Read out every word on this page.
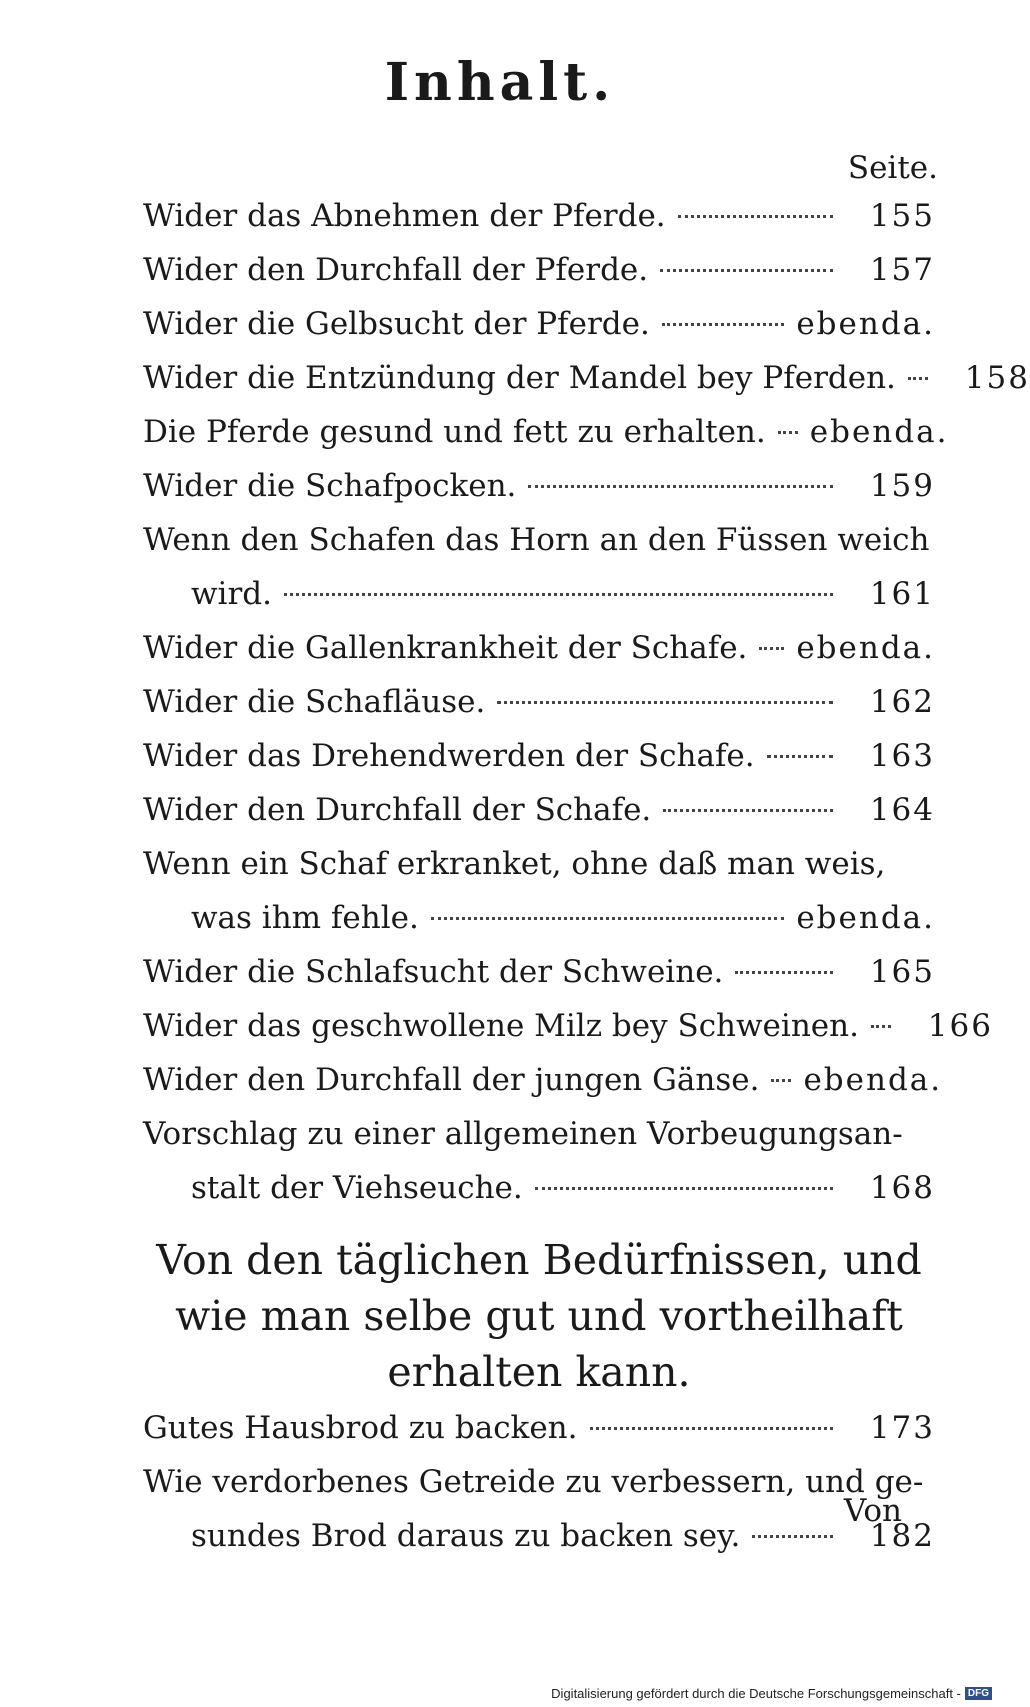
Inhalt.
Seite.
Wider das Abnehmen der Pferde.	155
Wider den Durchfall der Pferde.	157
Wider die Gelbsucht der Pferde.	ebenda.
Wider die Entzündung der Mandel bey Pferden.	158
Die Pferde gesund und fett zu erhalten. ebenda.
Wider die Schafpocken.	159
Wenn den Schafen das Horn an den Füssen weich
wird.	161
Wider die Gallenkrankheit der Schafe. ebenda.
Wider die Schafläuse.	162
Wider das Drehendwerden der Schafe.	163
Wider den Durchfall der Schafe.	164
Wenn ein Schaf erkranket, ohne daß man weis,
was ihm fehle.	ebenda.
Wider die Schlafsucht der Schweine.	165
Wider das geschwollene Milz bey Schweinen.	166
Wider den Durchfall der jungen Gänse. ebenda.
Vorschlag zu einer allgemeinen Vorbeugungsan-
stalt der Viehseuche.	168
Von den täglichen Bedürfnissen, und wie man selbe gut und vortheilhaft erhalten kann.
Gutes Hausbrod zu backen.	173
Wie verdorbenes Getreide zu verbessern, und ge-
sundes Brod daraus zu backen sey.	182
Von
Digitalisierung gefördert durch die Deutsche Forschungsgemeinschaft - DFG
